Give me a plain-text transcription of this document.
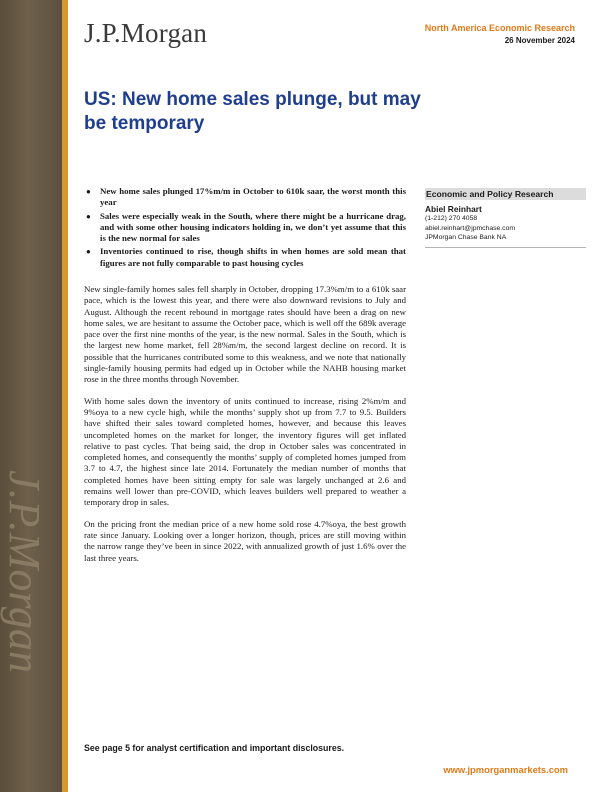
J.P.Morgan
J.P.Morgan	North America Economic Research
26 November 2024
US: New home sales plunge, but may be temporary
● New home sales plunged 17%m/m in October to 610k saar, the worst month this year
● Sales were especially weak in the South, where there might be a hurricane drag, and with some other housing indicators holding in, we don’t yet assume that this is the new normal for sales
● Inventories continued to rise, though shifts in when homes are sold mean that figures are not fully comparable to past housing cycles
Economic and Policy Research
Abiel Reinhart
(1-212) 270 4058
abiel.reinhart@jpmchase.com
JPMorgan Chase Bank NA

New single-family homes sales fell sharply in October, dropping 17.3%m/m to a 610k saar pace, which is the lowest this year, and there were also downward revisions to July and August. Although the recent rebound in mortgage rates should have been a drag on new home sales, we are hesitant to assume the October pace, which is well off the 689k average pace over the first nine months of the year, is the new normal. Sales in the South, which is the largest new home market, fell 28%m/m, the second largest decline on record. It is possible that the hurricanes contributed some to this weakness, and we note that nationally single-family housing permits had edged up in October while the NAHB housing market rose in the three months through November.

With home sales down the inventory of units continued to increase, rising 2%m/m and 9%oya to a new cycle high, while the months’ supply shot up from 7.7 to 9.5. Builders have shifted their sales toward completed homes, however, and because this leaves uncompleted homes on the market for longer, the inventory figures will get inflated relative to past cycles. That being said, the drop in October sales was concentrated in completed homes, and consequently the months’ supply of completed homes jumped from 3.7 to 4.7, the highest since late 2014. Fortunately the median number of months that completed homes have been sitting empty for sale was largely unchanged at 2.6 and remains well lower than pre-COVID, which leaves builders well prepared to weather a temporary drop in sales.

On the pricing front the median price of a new home sold rose 4.7%oya, the best growth rate since January. Looking over a longer horizon, though, prices are still moving within the narrow range they’ve been in since 2022, with annualized growth of just 1.6% over the last three years.

See page 5 for analyst certification and important disclosures.
www.jpmorganmarkets.com
